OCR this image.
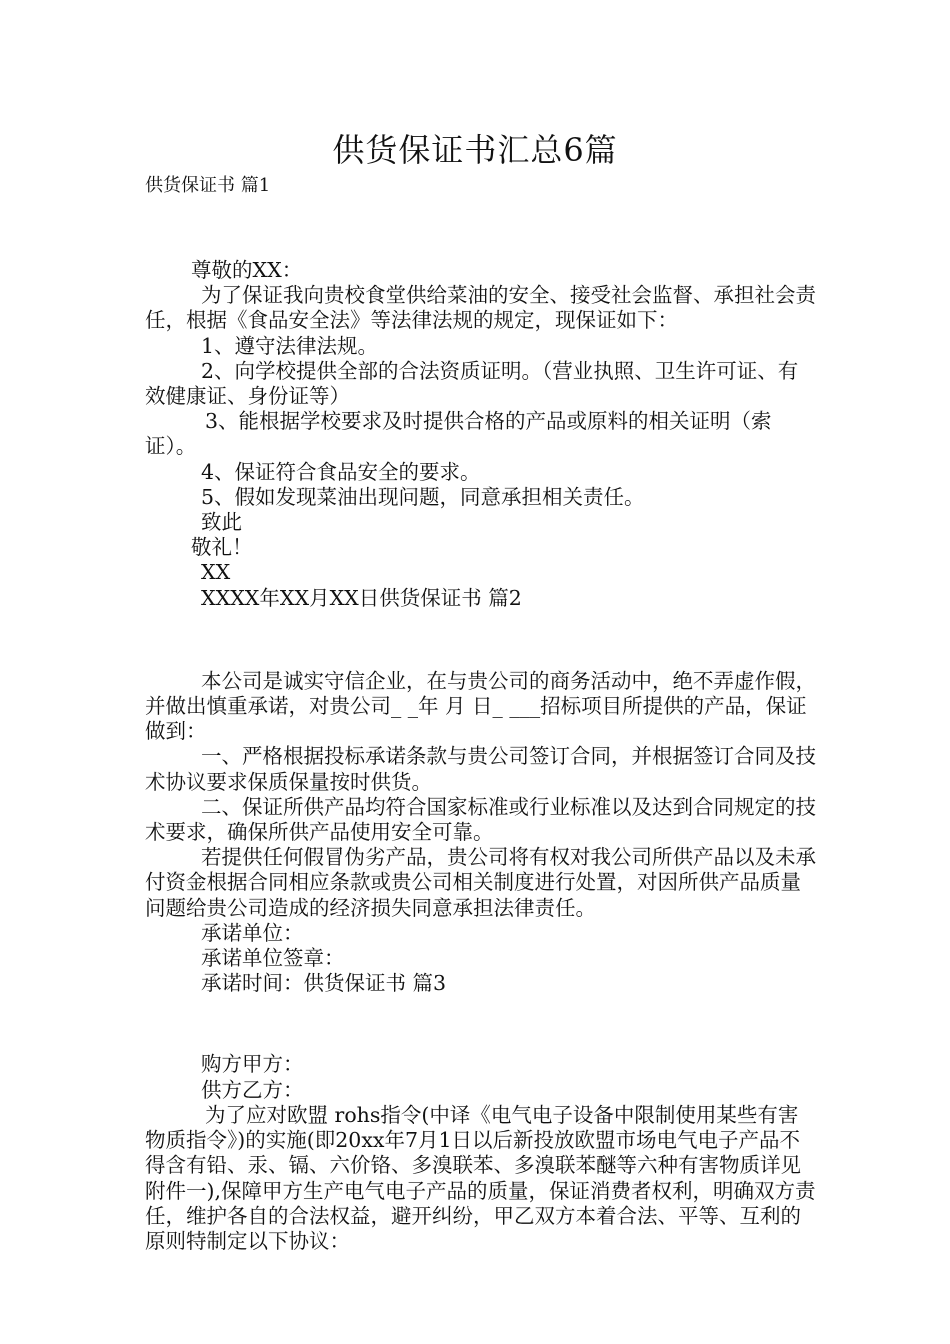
供货保证书汇总6篇

供货保证书 篇1

尊敬的XX：

为了保证我向贵校食堂供给菜油的安全、接受社会监督、承担社会责任，根据《食品安全法》等法律法规的规定，现保证如下：

1、遵守法律法规。

2、向学校提供全部的合法资质证明。（营业执照、卫生许可证、有效健康证、身份证等）

3、能根据学校要求及时提供合格的产品或原料的相关证明（索证）。

4、保证符合食品安全的要求。

5、假如发现菜油出现问题，同意承担相关责任。

致此

敬礼！

XX

XXXX年XX月XX日供货保证书 篇2

本公司是诚实守信企业，在与贵公司的商务活动中，绝不弄虚作假，并做出慎重承诺，对贵公司_ _年 月 日_ ___招标项目所提供的产品，保证做到：

一、严格根据投标承诺条款与贵公司签订合同，并根据签订合同及技术协议要求保质保量按时供货。

二、保证所供产品均符合国家标准或行业标准以及达到合同规定的技术要求，确保所供产品使用安全可靠。

若提供任何假冒伪劣产品，贵公司将有权对我公司所供产品以及未承付资金根据合同相应条款或贵公司相关制度进行处置，对因所供产品质量问题给贵公司造成的经济损失同意承担法律责任。

承诺单位：

承诺单位签章：

承诺时间：供货保证书 篇3

购方甲方：

供方乙方：

为了应对欧盟 rohs指令(中译《电气电子设备中限制使用某些有害物质指令》)的实施(即20xx年7月1日以后新投放欧盟市场电气电子产品不得含有铅、汞、镉、六价铬、多溴联苯、多溴联苯醚等六种有害物质详见附件一),保障甲方生产电气电子产品的质量，保证消费者权利，明确双方责任，维护各自的合法权益，避开纠纷，甲乙双方本着合法、平等、互利的原则特制定以下协议：
